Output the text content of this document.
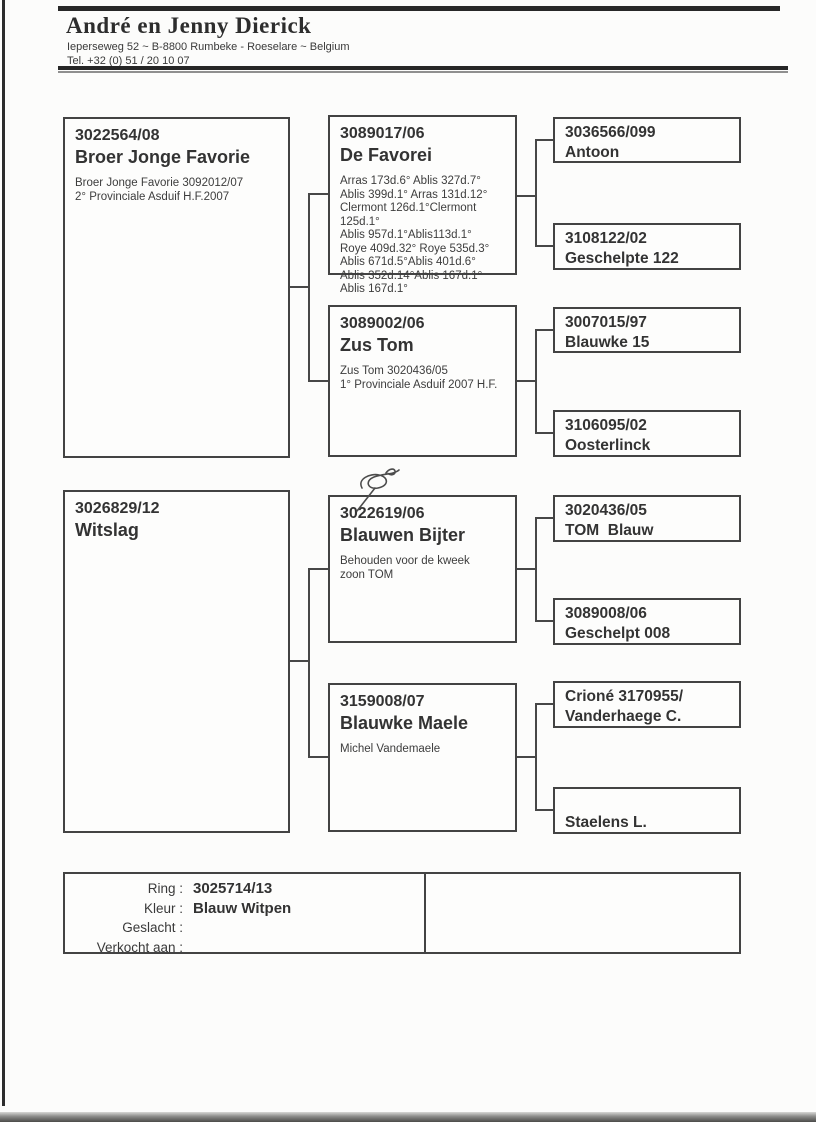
André en Jenny Dierick
Ieperseweg 52 ~ B-8800 Rumbeke - Roeselare ~ Belgium
Tel. +32 (0) 51 / 20 10 07
3022564/08
Broer Jonge Favorie
Broer Jonge Favorie 3092012/07
2° Provinciale Asduif H.F.2007
3026829/12
Witslag
3089017/06
De Favorei
Arras 173d.6° Ablis 327d.7°
Ablis 399d.1° Arras 131d.12°
Clermont 126d.1°Clermont 125d.1°
Ablis 957d.1°Ablis113d.1°
Roye 409d.32° Roye 535d.3°
Ablis 671d.5°Ablis 401d.6°
Ablis 352d.14°Ablis 167d.1°
Ablis 167d.1°
3089002/06
Zus Tom
Zus Tom 3020436/05
1° Provinciale Asduif 2007 H.F.
3022619/06
Blauwen Bijter
Behouden voor de kweek
zoon TOM
3159008/07
Blauwke Maele
Michel Vandemaele
3036566/099
Antoon
3108122/02
Geschelpte 122
3007015/97
Blauwke 15
3106095/02
Oosterlinck
3020436/05
TOM  Blauw
3089008/06
Geschelpt 008
Crioné 3170955/
Vanderhaege C.
Staelens L.
Ring : 3025714/13
Kleur : Blauw Witpen
Geslacht :
Verkocht aan :
